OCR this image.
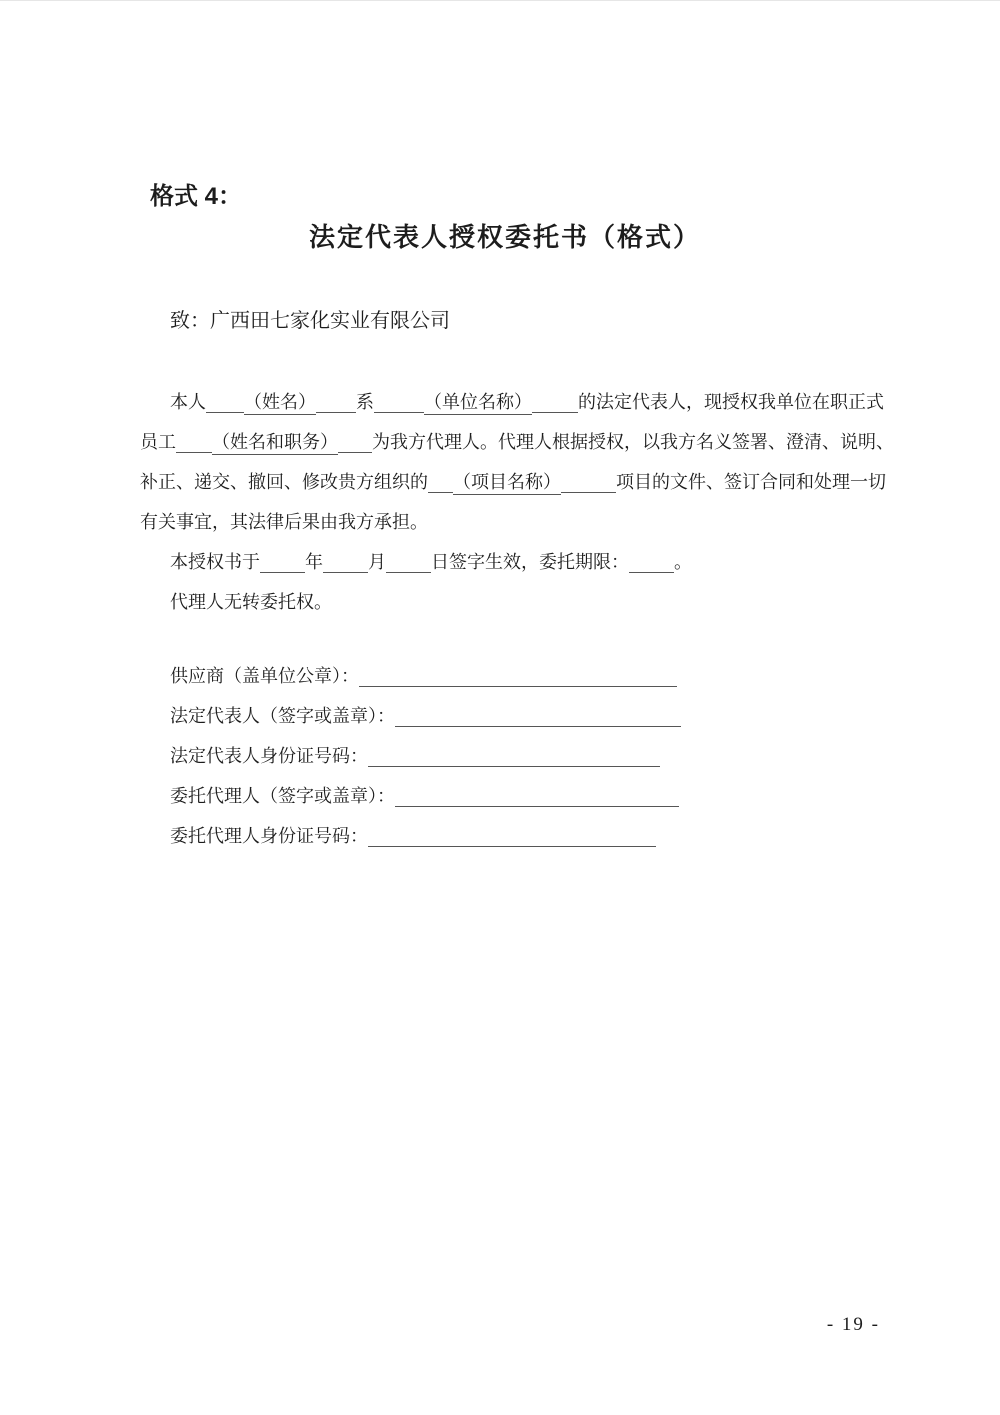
格式 4：
法定代表人授权委托书（格式）
致：广西田七家化实业有限公司
本人 （姓名） 系	（单位名称）	的法定代表人，现授权我单位在职正式
员工 （姓名和职务） 为我方代理人。代理人根据授权，以我方名义签署、澄清、说明、
补正、递交、撤回、修改贵方组织的 （项目名称）	项目的文件、签订合同和处理一切
有关事宜，其法律后果由我方承担。
本授权书于	年	月	日签字生效，委托期限：	。
代理人无转委托权。
供应商（盖单位公章）：
法定代表人（签字或盖章）：
法定代表人身份证号码：
委托代理人（签字或盖章）：
委托代理人身份证号码：
- 19 -
